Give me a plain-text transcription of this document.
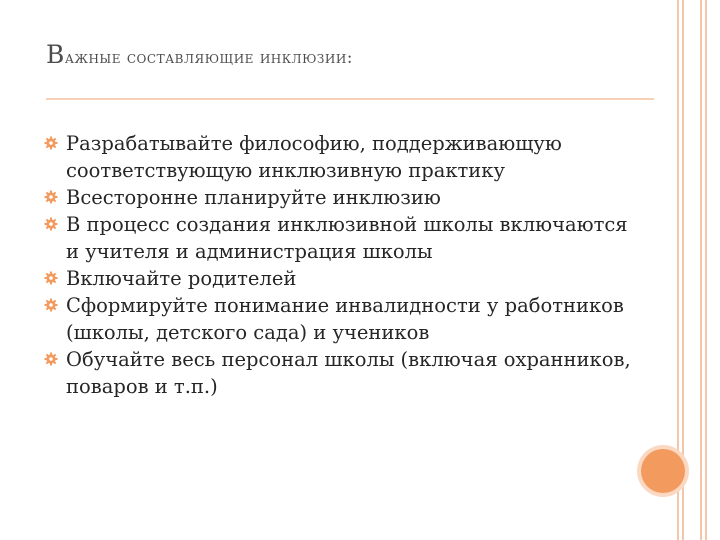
Важные составляющие инклюзии:
Разрабатывайте философию, поддерживающую соответствующую инклюзивную практику
Всесторонне планируйте инклюзию
В процесс создания инклюзивной школы включаются и учителя и администрация школы
Включайте родителей
Сформируйте понимание инвалидности у работников (школы, детского сада) и учеников
Обучайте весь персонал школы (включая охранников, поваров и т.п.)
